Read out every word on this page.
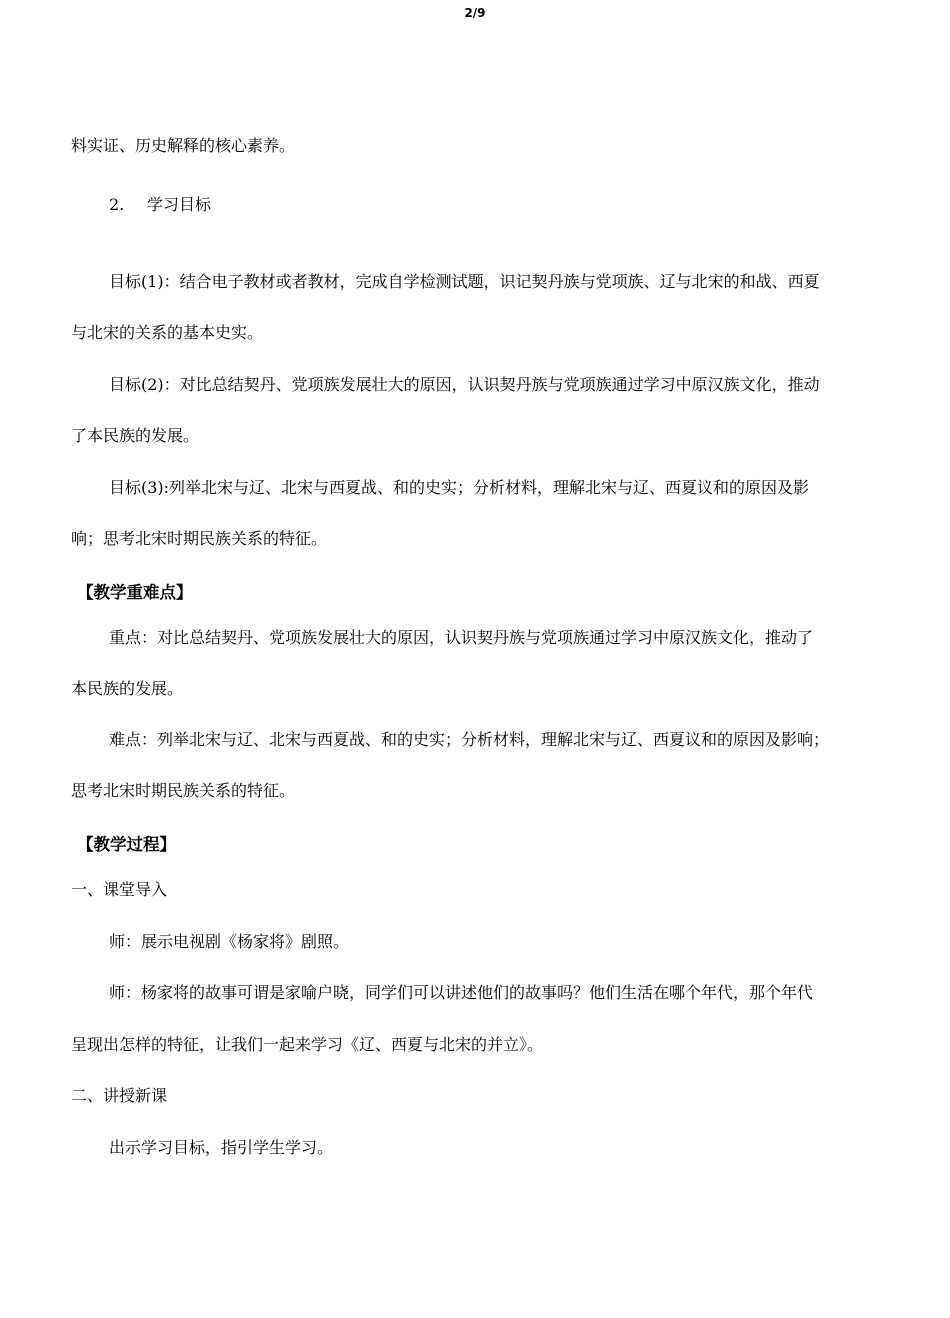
2/9
料实证、历史解释的核心素养。
2. 学习目标
目标(1)：结合电子教材或者教材，完成自学检测试题，识记契丹族与党项族、辽与北宋的和战、西夏
与北宋的关系的基本史实。
目标(2)：对比总结契丹、党项族发展壮大的原因，认识契丹族与党项族通过学习中原汉族文化，推动
了本民族的发展。
目标(3):列举北宋与辽、北宋与西夏战、和的史实；分析材料，理解北宋与辽、西夏议和的原因及影
响；思考北宋时期民族关系的特征。
【教学重难点】
重点：对比总结契丹、党项族发展壮大的原因，认识契丹族与党项族通过学习中原汉族文化，推动了
本民族的发展。
难点：列举北宋与辽、北宋与西夏战、和的史实；分析材料，理解北宋与辽、西夏议和的原因及影响；
思考北宋时期民族关系的特征。
【教学过程】
一、课堂导入
师：展示电视剧《杨家将》剧照。
师：杨家将的故事可谓是家喻户晓，同学们可以讲述他们的故事吗？他们生活在哪个年代，那个年代
呈现出怎样的特征，让我们一起来学习《辽、西夏与北宋的并立》。
二、讲授新课
出示学习目标，指引学生学习。
